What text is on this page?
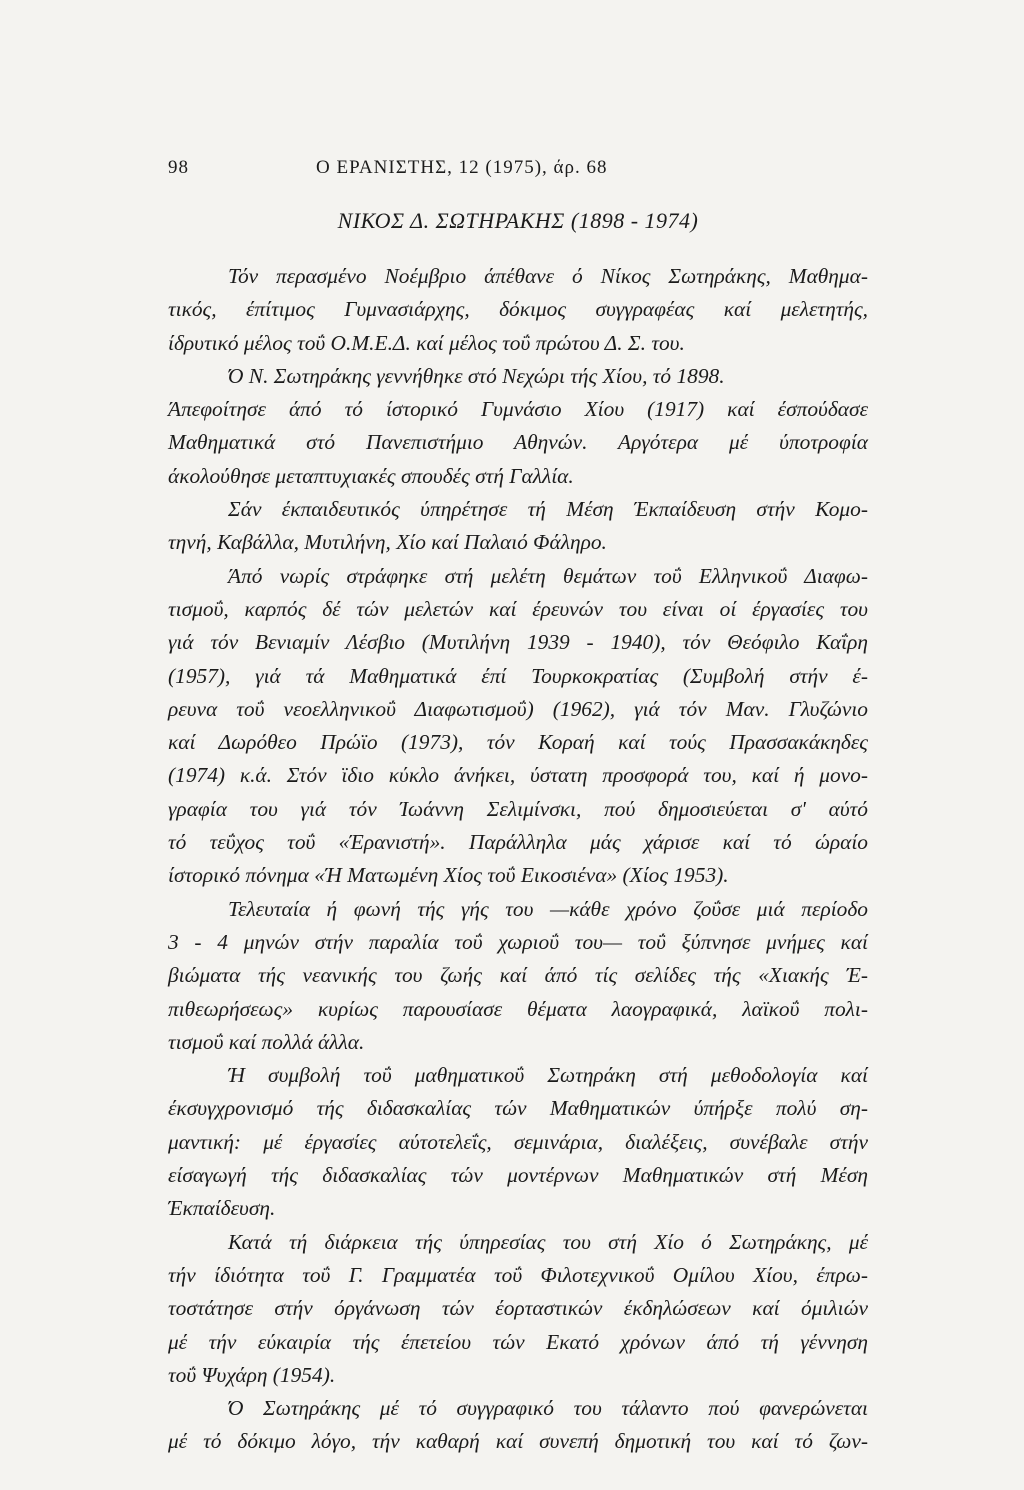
98	Ο ΕΡΑΝΙΣΤΗΣ, 12 (1975), άρ. 68
ΝΙΚΟΣ Δ. ΣΩΤΗΡΑΚΗΣ (1898 - 1974)
Τόν περασμένο Νοέμβριο άπέθανε ό Νίκος Σωτηράκης, Μαθημα-
τικός, έπίτιμος Γυμνασιάρχης, δόκιμος συγγραφέας καί μελετητής,
ίδρυτικό μέλος τοΰ Ο.Μ.Ε.Δ. καί μέλος τοΰ πρώτου Δ. Σ. του.
Ό Ν. Σωτηράκης γεννήθηκε στό Νεχώρι τής Χίου, τό 1898.
Άπεφοίτησε άπό τό ίστορικό Γυμνάσιο Χίου (1917) καί έσπούδασε
Μαθηματικά στό Πανεπιστήμιο Αθηνών. Αργότερα μέ ύποτροφία
άκολούθησε μεταπτυχιακές σπουδές στή Γαλλία.
Σάν έκπαιδευτικός ύπηρέτησε τή Μέση Έκπαίδευση στήν Κομο-
τηνή, Καβάλλα, Μυτιλήνη, Χίο καί Παλαιό Φάληρο.
Άπό νωρίς στράφηκε στή μελέτη θεμάτων τοΰ Ελληνικοΰ Διαφω-
τισμοΰ, καρπός δέ τών μελετών καί έρευνών του είναι οί έργασίες του
γιά τόν Βενιαμίν Λέσβιο (Μυτιλήνη 1939 - 1940), τόν Θεόφιλο Καΐρη
(1957), γιά τά Μαθηματικά έπί Τουρκοκρατίας (Συμβολή στήν έ-
ρευνα τοΰ νεοελληνικοΰ Διαφωτισμοΰ) (1962), γιά τόν Μαν. Γλυζώνιο
καί Δωρόθεο Πρώϊο (1973), τόν Κοραή καί τούς Πρασσακάκηδες
(1974) κ.ά. Στόν ϊδιο κύκλο άνήκει, ύστατη προσφορά του, καί ή μονο-
γραφία του γιά τόν Ίωάννη Σελιμίνσκι, πού δημοσιεύεται σ' αύτό
τό τεΰχος τοΰ «Έρανιστή». Παράλληλα μάς χάρισε καί τό ώραίο
ίστορικό πόνημα «Ή Ματωμένη Χίος τοΰ Εικοσιένα» (Χίος 1953).
Τελευταία ή φωνή τής γής του —κάθε χρόνο ζοΰσε μιά περίοδο
3 - 4 μηνών στήν παραλία τοΰ χωριοΰ του— τοΰ ξύπνησε μνήμες καί
βιώματα τής νεανικής του ζωής καί άπό τίς σελίδες τής «Χιακής Έ-
πιθεωρήσεως» κυρίως παρουσίασε θέματα λαογραφικά, λαϊκοΰ πολι-
τισμοΰ καί πολλά άλλα.
Ή συμβολή τοΰ μαθηματικοΰ Σωτηράκη στή μεθοδολογία καί
έκσυγχρονισμό τής διδασκαλίας τών Μαθηματικών ύπήρξε πολύ ση-
μαντική: μέ έργασίες αύτοτελεΐς, σεμινάρια, διαλέξεις, συνέβαλε στήν
είσαγωγή τής διδασκαλίας τών μοντέρνων Μαθηματικών στή Μέση
Έκπαίδευση.
Κατά τή διάρκεια τής ύπηρεσίας του στή Χίο ό Σωτηράκης, μέ
τήν ίδιότητα τοΰ Γ. Γραμματέα τοΰ Φιλοτεχνικοΰ Ομίλου Χίου, έπρω-
τοστάτησε στήν όργάνωση τών έορταστικών έκδηλώσεων καί όμιλιών
μέ τήν εύκαιρία τής έπετείου τών Εκατό χρόνων άπό τή γέννηση
τοΰ Ψυχάρη (1954).
Ό Σωτηράκης μέ τό συγγραφικό του τάλαντο πού φανερώνεται
μέ τό δόκιμο λόγο, τήν καθαρή καί συνεπή δημοτική του καί τό ζων-
